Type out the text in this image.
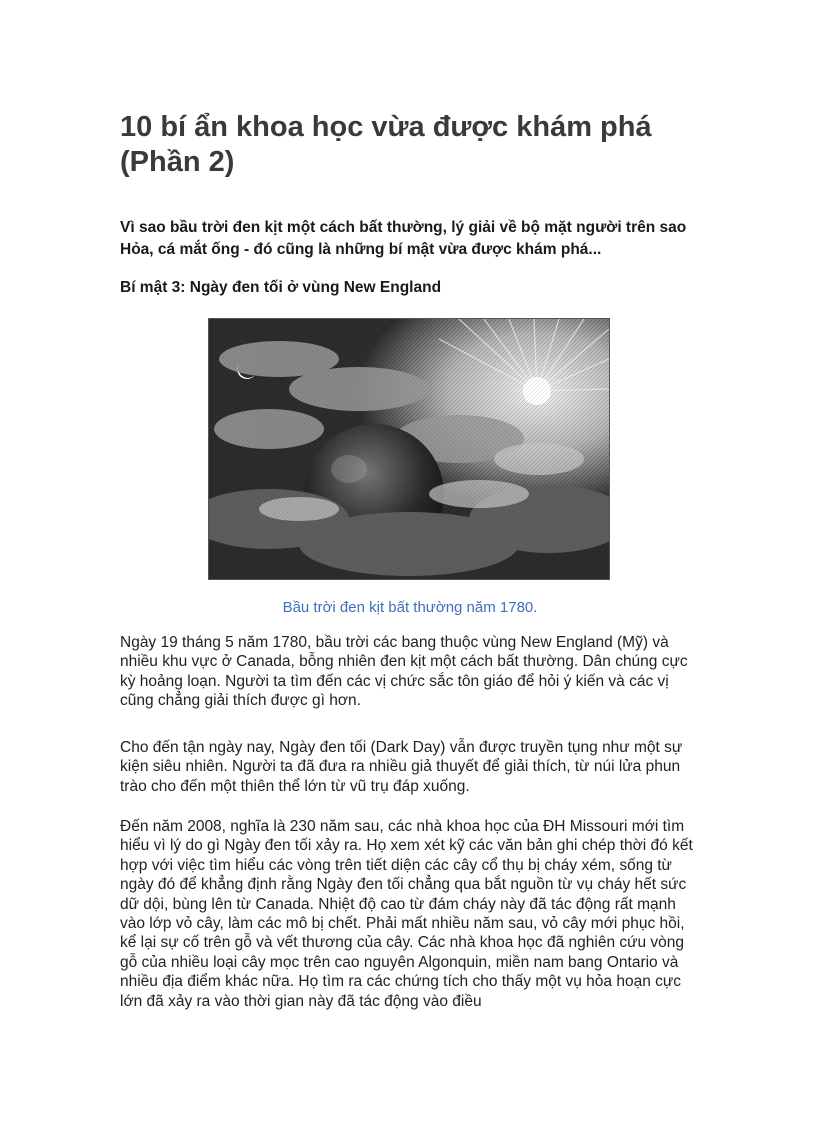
10 bí ẩn khoa học vừa được khám phá (Phần 2)

Vì sao bầu trời đen kịt một cách bất thường, lý giải về bộ mặt người trên sao Hỏa, cá mắt ống - đó cũng là những bí mật vừa được khám phá...

Bí mật 3: Ngày đen tối ở vùng New England

Bầu trời đen kịt bất thường năm 1780.

Ngày 19 tháng 5 năm 1780, bầu trời các bang thuộc vùng New England (Mỹ) và nhiều khu vực ở Canada, bỗng nhiên đen kịt một cách bất thường. Dân chúng cực kỳ hoảng loạn. Người ta tìm đến các vị chức sắc tôn giáo để hỏi ý kiến và các vị cũng chẳng giải thích được gì hơn.

Cho đến tận ngày nay, Ngày đen tối (Dark Day) vẫn được truyền tụng như một sự kiện siêu nhiên. Người ta đã đưa ra nhiều giả thuyết để giải thích, từ núi lửa phun trào cho đến một thiên thể lớn từ vũ trụ đáp xuống.

Đến năm 2008, nghĩa là 230 năm sau, các nhà khoa học của ĐH Missouri mới tìm hiểu vì lý do gì Ngày đen tối xảy ra. Họ xem xét kỹ các văn bản ghi chép thời đó kết hợp với việc tìm hiểu các vòng trên tiết diện các cây cổ thụ bị cháy xém, sống từ ngày đó để khẳng định rằng Ngày đen tối chẳng qua bắt nguồn từ vụ cháy hết sức dữ dội, bùng lên từ Canada. Nhiệt độ cao từ đám cháy này đã tác động rất mạnh vào lớp vỏ cây, làm các mô bị chết. Phải mất nhiều năm sau, vỏ cây mới phục hồi, kể lại sự cố trên gỗ và vết thương của cây. Các nhà khoa học đã nghiên cứu vòng gỗ của nhiều loại cây mọc trên cao nguyên Algonquin, miền nam bang Ontario và nhiều địa điểm khác nữa. Họ tìm ra các chứng tích cho thấy một vụ hỏa hoạn cực lớn đã xảy ra vào thời gian này đã tác động vào điều
